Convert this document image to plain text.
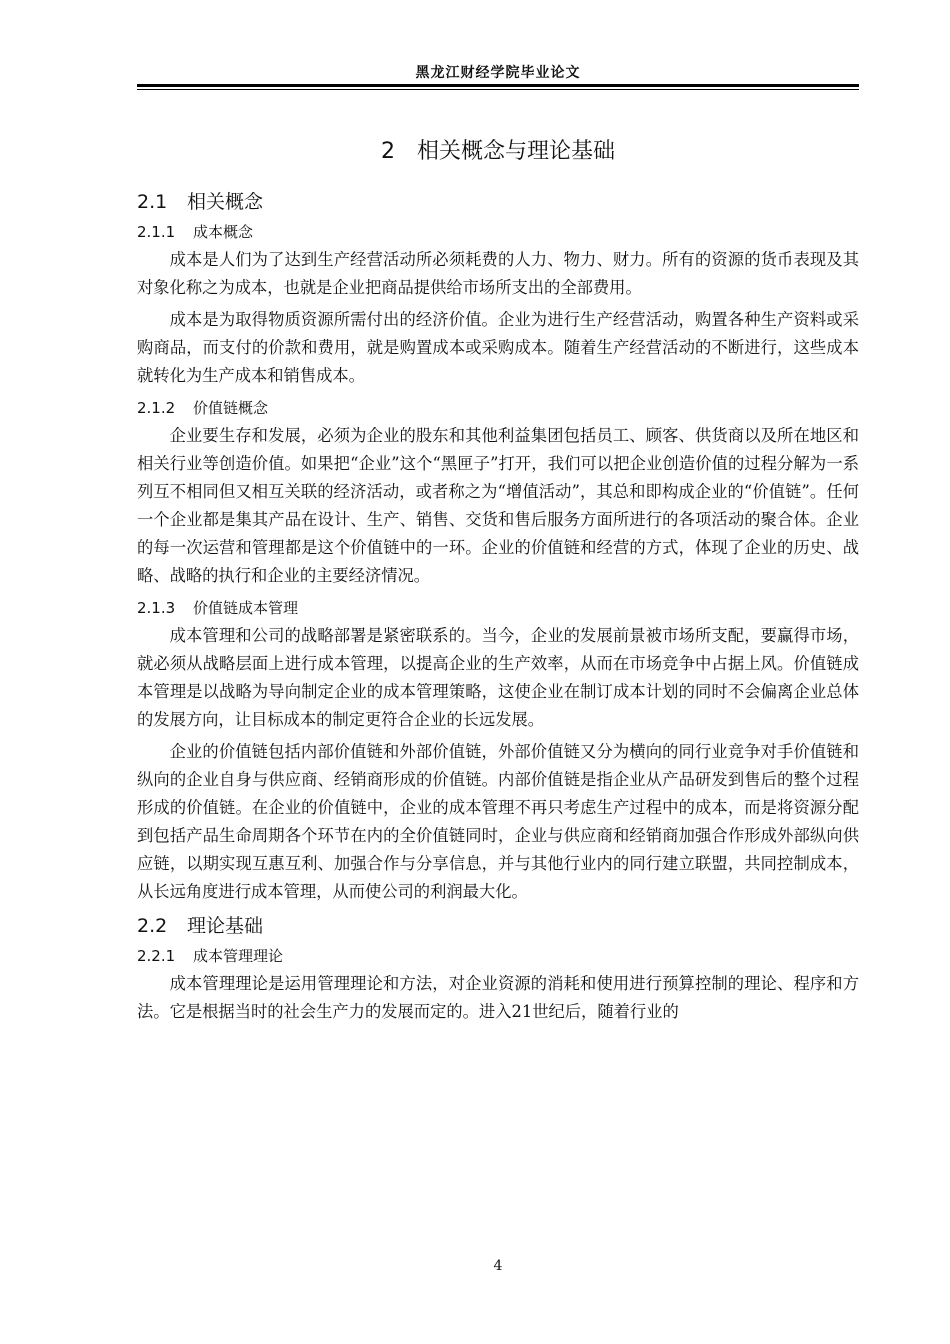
黑龙江财经学院毕业论文
2 相关概念与理论基础
2.1 相关概念
2.1.1 成本概念

成本是人们为了达到生产经营活动所必须耗费的人力、物力、财力。所有的资源的货币表现及其对象化称之为成本，也就是企业把商品提供给市场所支出的全部费用。

成本是为取得物质资源所需付出的经济价值。企业为进行生产经营活动，购置各种生产资料或采购商品，而支付的价款和费用，就是购置成本或采购成本。随着生产经营活动的不断进行，这些成本就转化为生产成本和销售成本。

2.1.2 价值链概念

企业要生存和发展，必须为企业的股东和其他利益集团包括员工、顾客、供货商以及所在地区和相关行业等创造价值。如果把“企业”这个“黑匣子”打开，我们可以把企业创造价值的过程分解为一系列互不相同但又相互关联的经济活动，或者称之为“增值活动”，其总和即构成企业的“价值链”。任何一个企业都是集其产品在设计、生产、销售、交货和售后服务方面所进行的各项活动的聚合体。企业的每一次运营和管理都是这个价值链中的一环。企业的价值链和经营的方式，体现了企业的历史、战略、战略的执行和企业的主要经济情况。

2.1.3 价值链成本管理

成本管理和公司的战略部署是紧密联系的。当今，企业的发展前景被市场所支配，要赢得市场，就必须从战略层面上进行成本管理，以提高企业的生产效率，从而在市场竞争中占据上风。价值链成本管理是以战略为导向制定企业的成本管理策略，这使企业在制订成本计划的同时不会偏离企业总体的发展方向，让目标成本的制定更符合企业的长远发展。

企业的价值链包括内部价值链和外部价值链，外部价值链又分为横向的同行业竞争对手价值链和纵向的企业自身与供应商、经销商形成的价值链。内部价值链是指企业从产品研发到售后的整个过程形成的价值链。在企业的价值链中，企业的成本管理不再只考虑生产过程中的成本，而是将资源分配到包括产品生命周期各个环节在内的全价值链同时，企业与供应商和经销商加强合作形成外部纵向供应链，以期实现互惠互利、加强合作与分享信息，并与其他行业内的同行建立联盟，共同控制成本，从长远角度进行成本管理，从而使公司的利润最大化。

2.2 理论基础
2.2.1 成本管理理论

成本管理理论是运用管理理论和方法，对企业资源的消耗和使用进行预算控制的理论、程序和方法。它是根据当时的社会生产力的发展而定的。进入21世纪后，随着行业的

4
